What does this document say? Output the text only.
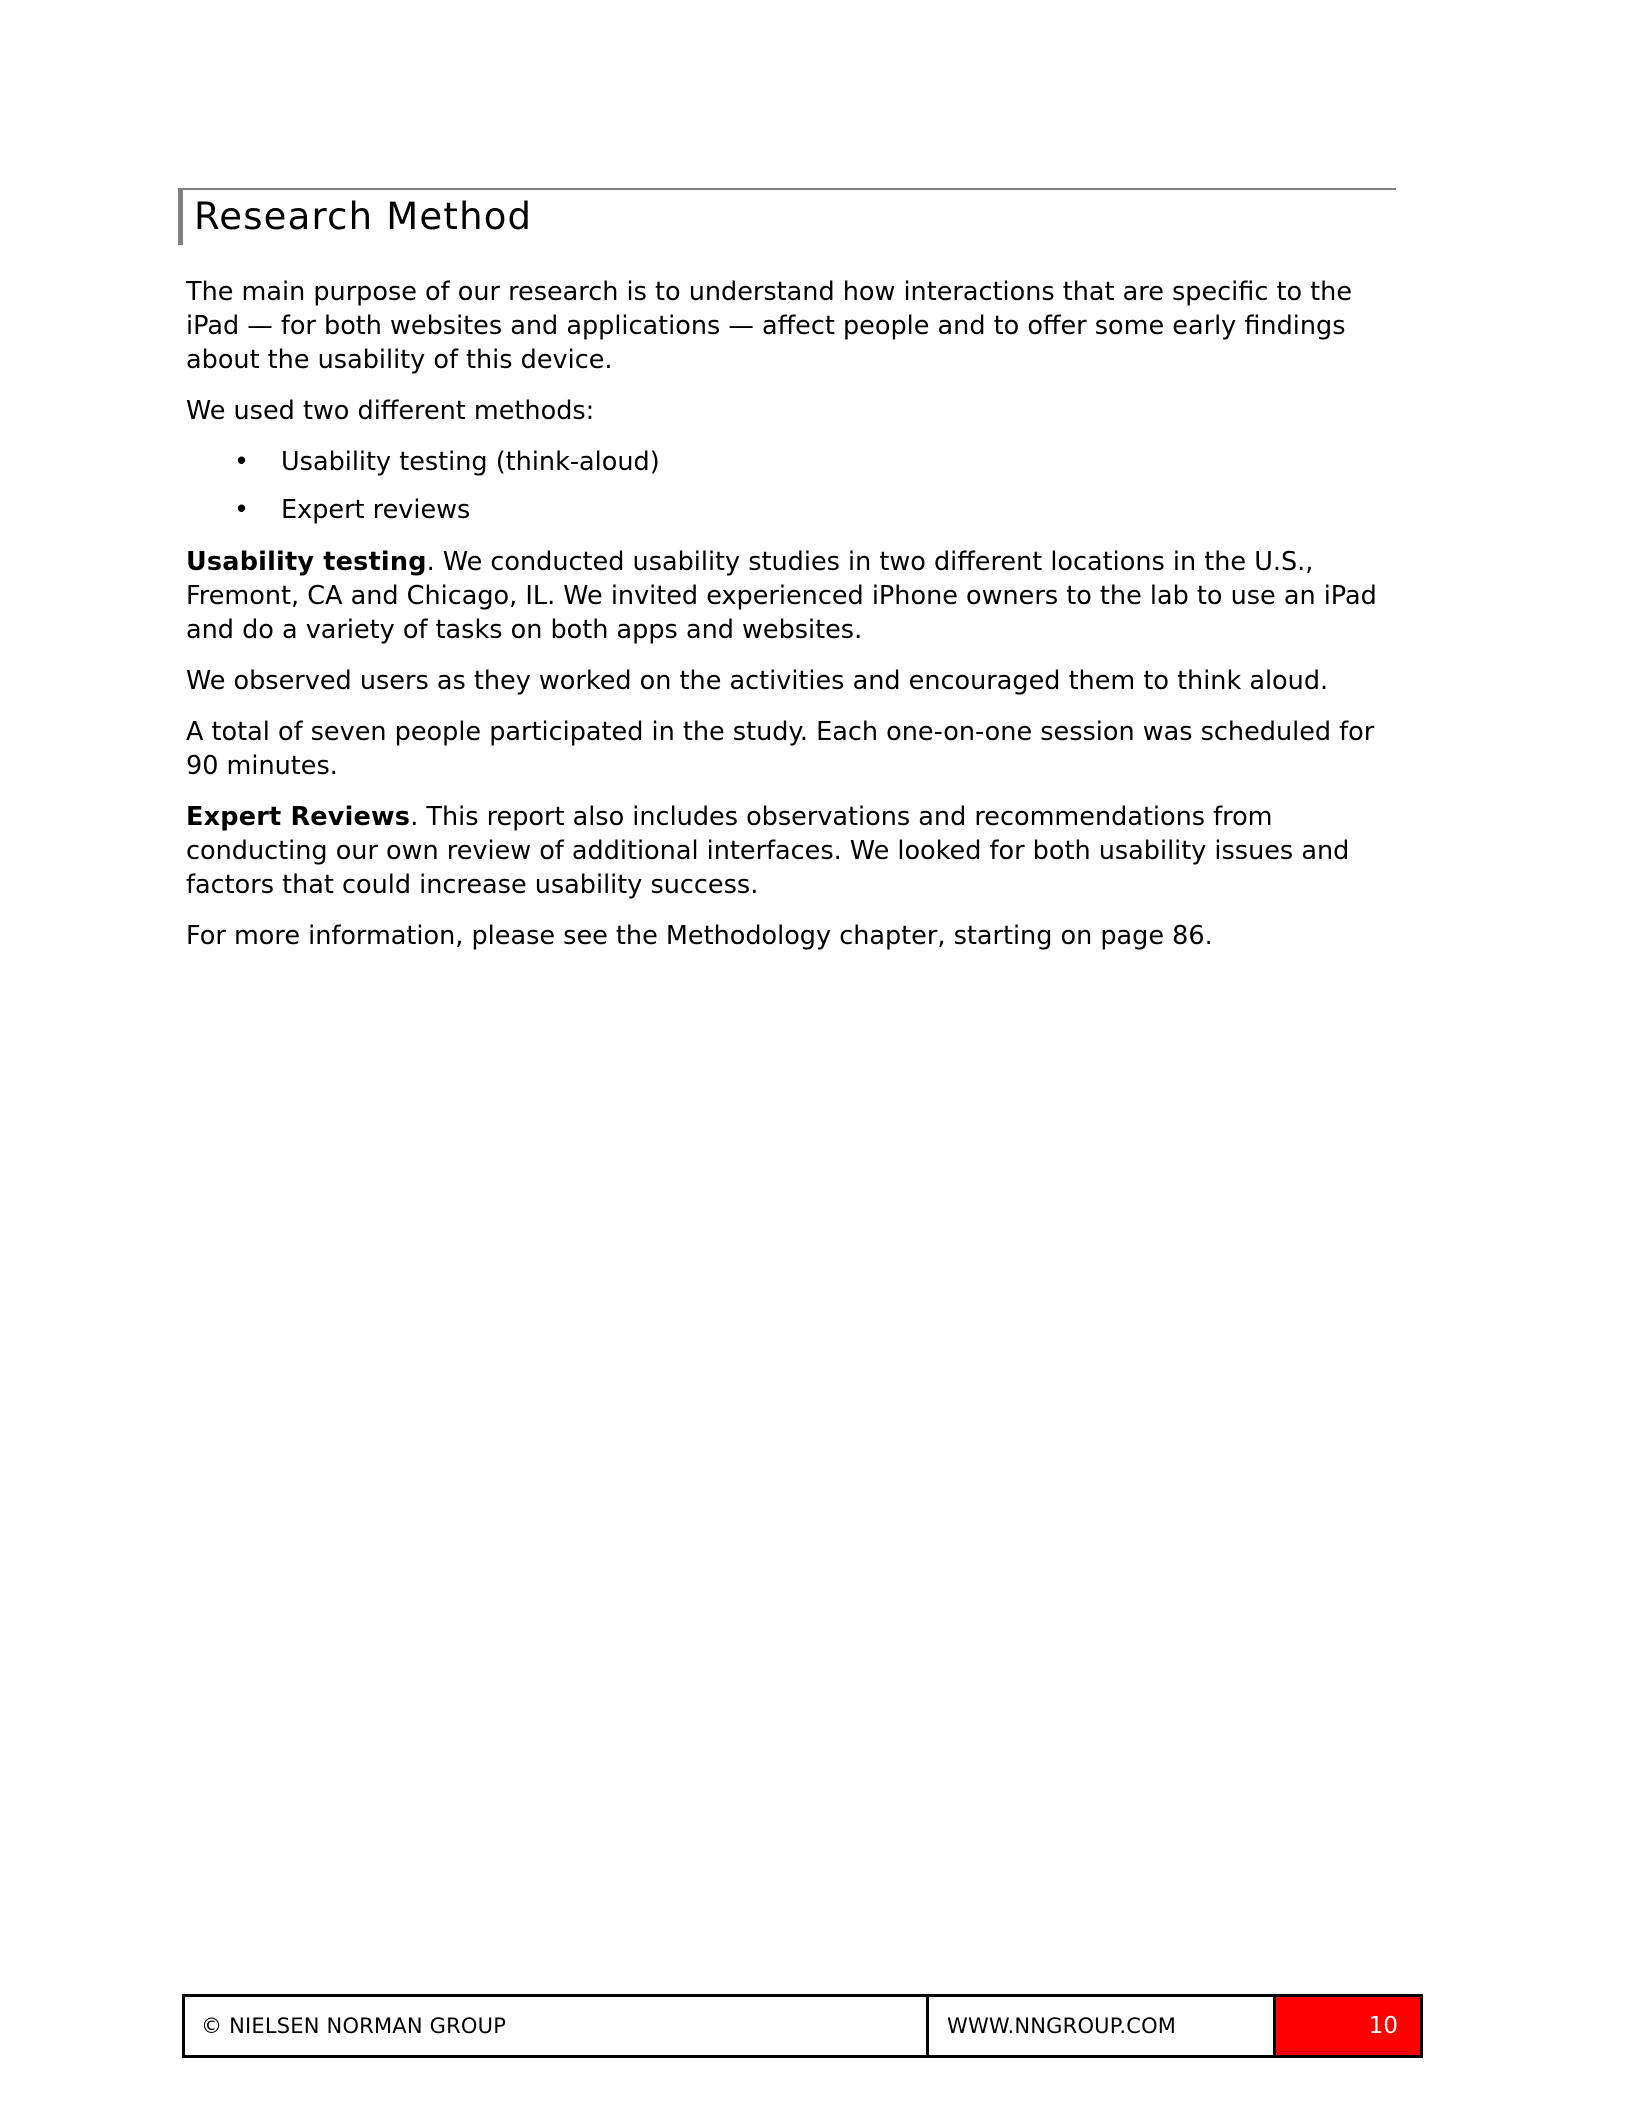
Research Method

The main purpose of our research is to understand how interactions that are specific to the iPad — for both websites and applications — affect people and to offer some early findings about the usability of this device.

We used two different methods:

• Usability testing (think-aloud)
• Expert reviews

Usability testing. We conducted usability studies in two different locations in the U.S., Fremont, CA and Chicago, IL. We invited experienced iPhone owners to the lab to use an iPad and do a variety of tasks on both apps and websites.

We observed users as they worked on the activities and encouraged them to think aloud.

A total of seven people participated in the study. Each one-on-one session was scheduled for 90 minutes.

Expert Reviews. This report also includes observations and recommendations from conducting our own review of additional interfaces. We looked for both usability issues and factors that could increase usability success.

For more information, please see the Methodology chapter, starting on page 86.

© NIELSEN NORMAN GROUP	WWW.NNGROUP.COM	10
